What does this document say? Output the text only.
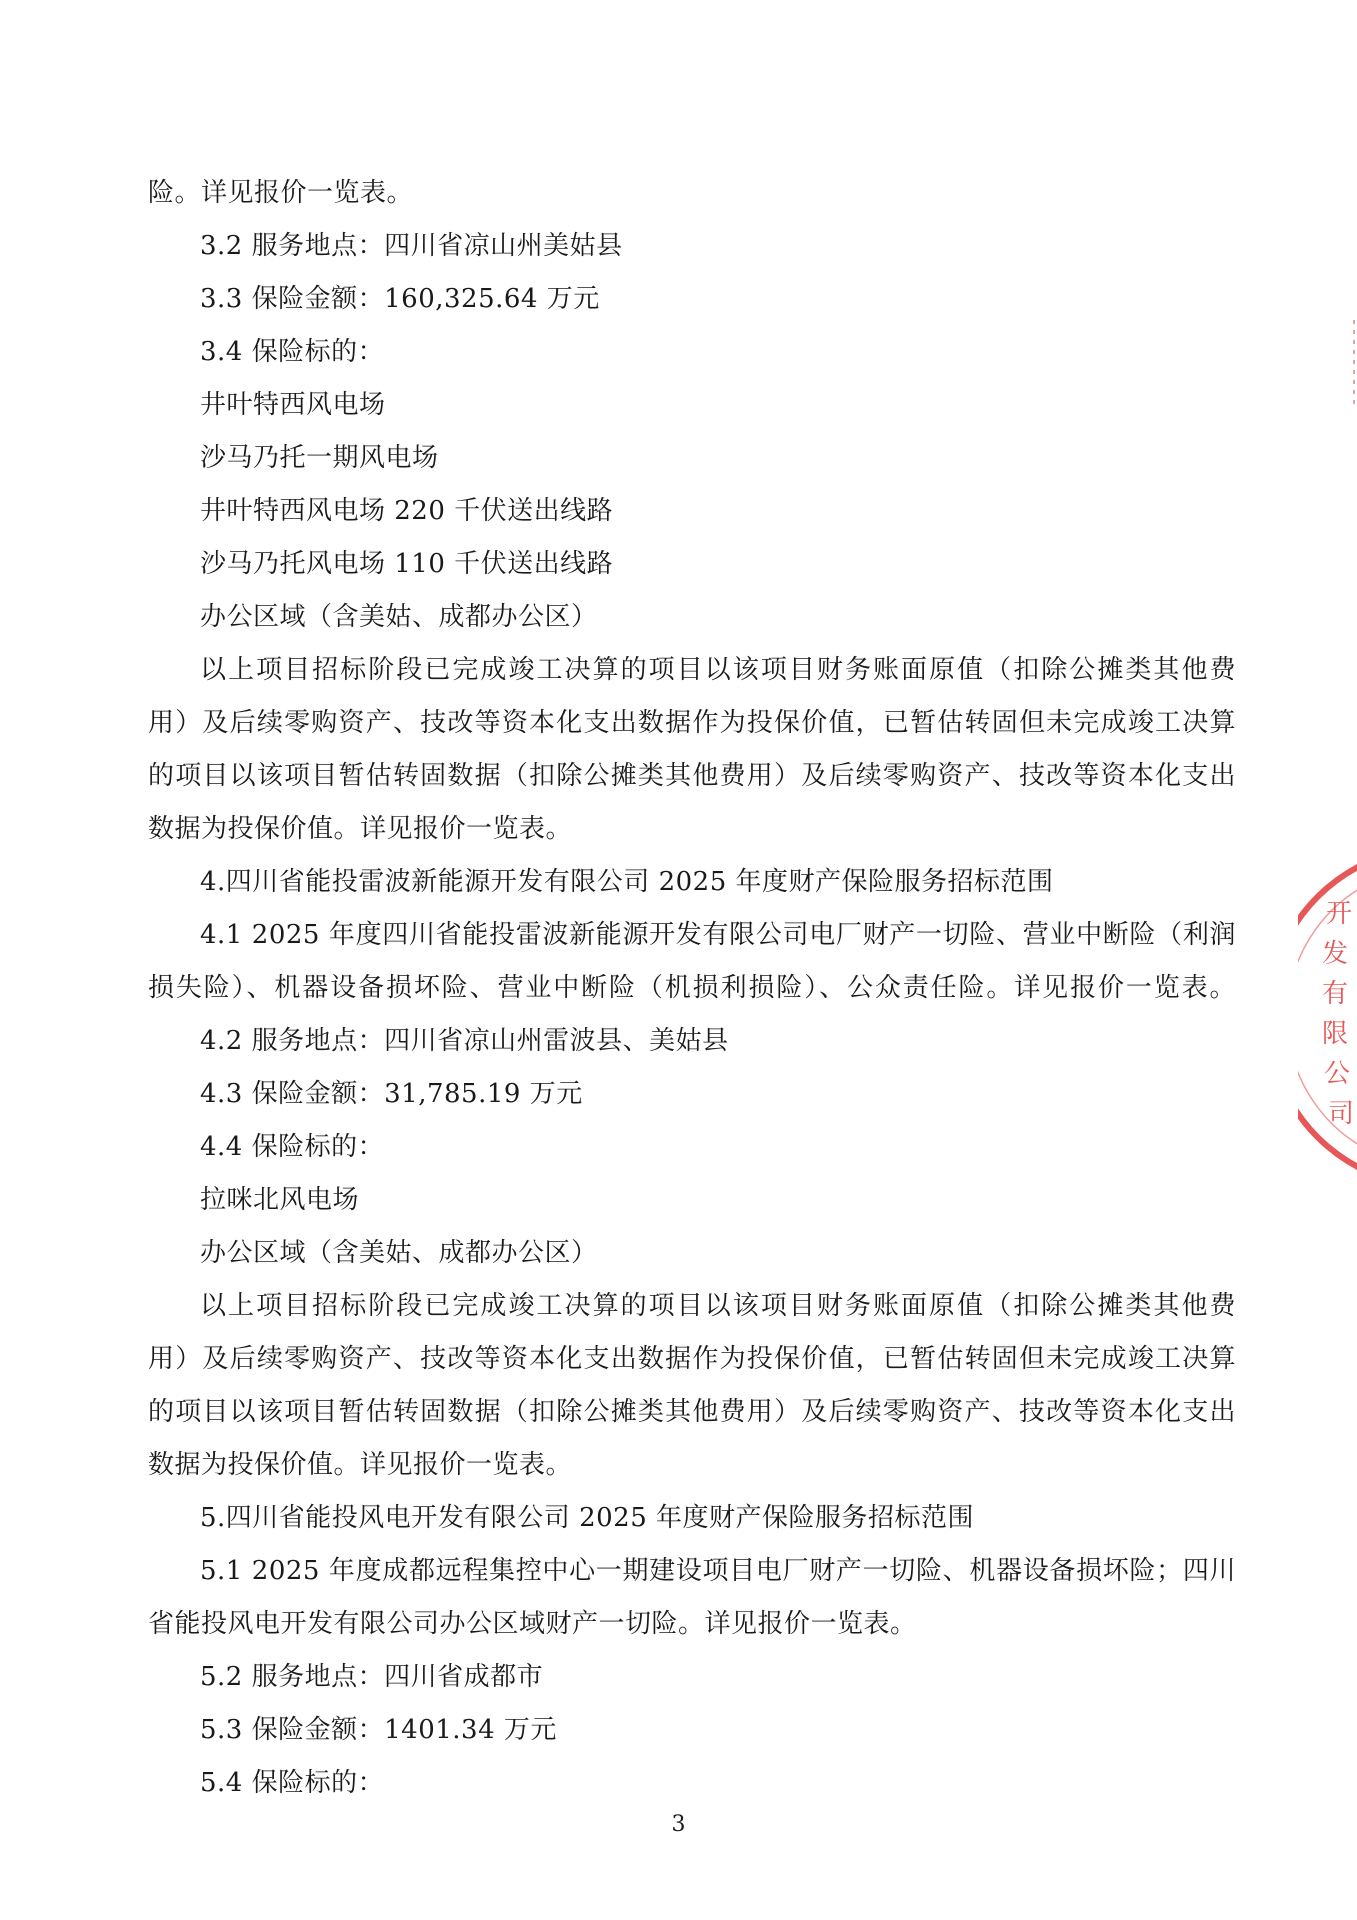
险。详见报价一览表。
3.2 服务地点：四川省凉山州美姑县
3.3 保险金额：160,325.64 万元
3.4 保险标的：
井叶特西风电场
沙马乃托一期风电场
井叶特西风电场 220 千伏送出线路
沙马乃托风电场 110 千伏送出线路
办公区域（含美姑、成都办公区）
以上项目招标阶段已完成竣工决算的项目以该项目财务账面原值（扣除公摊类其他费
用）及后续零购资产、技改等资本化支出数据作为投保价值，已暂估转固但未完成竣工决算
的项目以该项目暂估转固数据（扣除公摊类其他费用）及后续零购资产、技改等资本化支出
数据为投保价值。详见报价一览表。
4.四川省能投雷波新能源开发有限公司 2025 年度财产保险服务招标范围
4.1 2025 年度四川省能投雷波新能源开发有限公司电厂财产一切险、营业中断险（利润
损失险）、机器设备损坏险、营业中断险（机损利损险）、公众责任险。详见报价一览表。
4.2 服务地点：四川省凉山州雷波县、美姑县
4.3 保险金额：31,785.19 万元
4.4 保险标的：
拉咪北风电场
办公区域（含美姑、成都办公区）
以上项目招标阶段已完成竣工决算的项目以该项目财务账面原值（扣除公摊类其他费
用）及后续零购资产、技改等资本化支出数据作为投保价值，已暂估转固但未完成竣工决算
的项目以该项目暂估转固数据（扣除公摊类其他费用）及后续零购资产、技改等资本化支出
数据为投保价值。详见报价一览表。
5.四川省能投风电开发有限公司 2025 年度财产保险服务招标范围
5.1 2025 年度成都远程集控中心一期建设项目电厂财产一切险、机器设备损坏险；四川
省能投风电开发有限公司办公区域财产一切险。详见报价一览表。
5.2 服务地点：四川省成都市
5.3 保险金额：1401.34 万元
5.4 保险标的：
3
开
发
有
限
公
司
